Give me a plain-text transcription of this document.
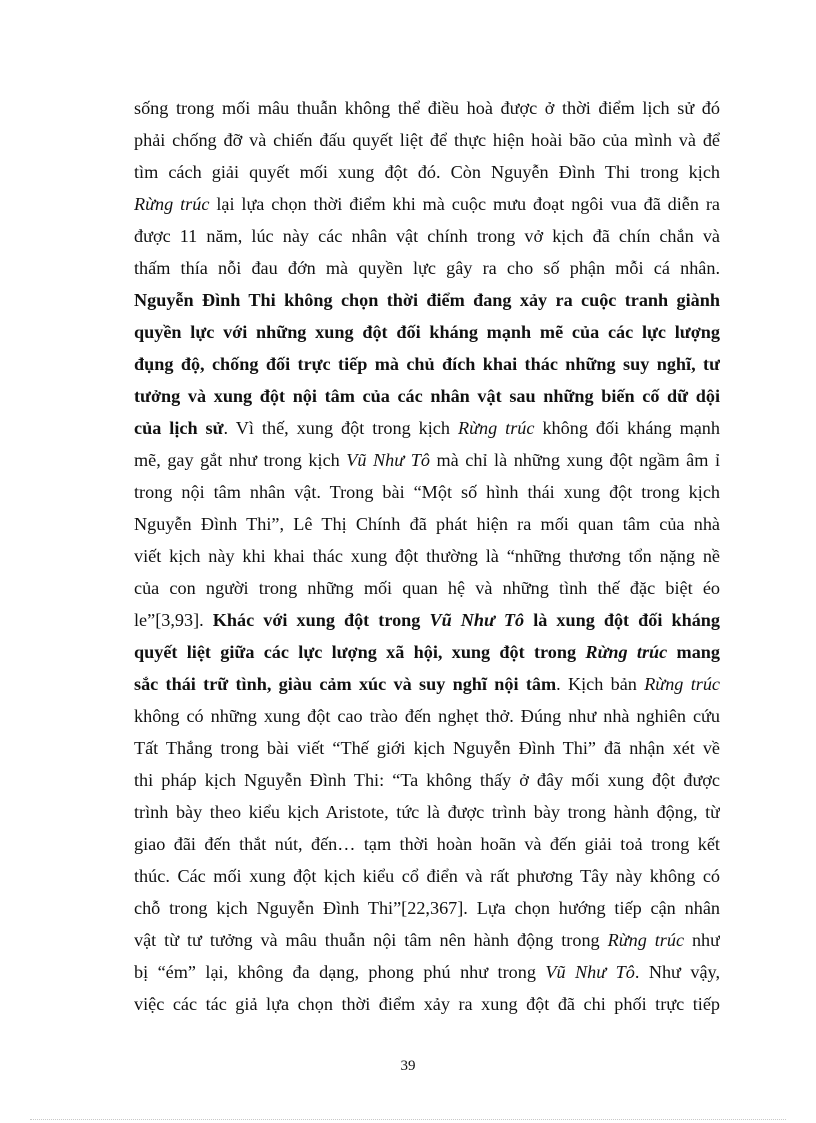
sống trong mối mâu thuẫn không thể điều hoà được ở thời điểm lịch sử đó
phải chống đỡ và chiến đấu quyết liệt để thực hiện hoài bão của mình và để
tìm cách giải quyết mối xung đột đó. Còn Nguyễn Đình Thi trong kịch
Rừng trúc lại lựa chọn thời điểm khi mà cuộc mưu đoạt ngôi vua đã diễn ra
được 11 năm, lúc này các nhân vật chính trong vở kịch đã chín chắn và
thấm thía nỗi đau đớn mà quyền lực gây ra cho số phận mỗi cá nhân.
Nguyễn Đình Thi không chọn thời điểm đang xảy ra cuộc tranh giành
quyền lực với những xung đột đối kháng mạnh mẽ của các lực lượng
đụng độ, chống đối trực tiếp mà chủ đích khai thác những suy nghĩ, tư
tưởng và xung đột nội tâm của các nhân vật sau những biến cố dữ dội
của lịch sử. Vì thế, xung đột trong kịch Rừng trúc không đối kháng mạnh
mẽ, gay gắt như trong kịch Vũ Như Tô mà chỉ là những xung đột ngầm âm ỉ
trong nội tâm nhân vật. Trong bài “Một số hình thái xung đột trong kịch
Nguyễn Đình Thi”, Lê Thị Chính đã phát hiện ra mối quan tâm của nhà
viết kịch này khi khai thác xung đột thường là “những thương tổn nặng nề
của con người trong những mối quan hệ và những tình thế đặc biệt éo
le”[3,93]. Khác với xung đột trong Vũ Như Tô là xung đột đối kháng
quyết liệt giữa các lực lượng xã hội, xung đột trong Rừng trúc mang
sắc thái trữ tình, giàu cảm xúc và suy nghĩ nội tâm. Kịch bản Rừng trúc
không có những xung đột cao trào đến nghẹt thở. Đúng như nhà nghiên cứu
Tất Thắng trong bài viết “Thế giới kịch Nguyễn Đình Thi” đã nhận xét về
thi pháp kịch Nguyễn Đình Thi: “Ta không thấy ở đây mối xung đột được
trình bày theo kiểu kịch Aristote, tức là được trình bày trong hành động, từ
giao đãi đến thắt nút, đến… tạm thời hoàn hoãn và đến giải toả trong kết
thúc. Các mối xung đột kịch kiểu cổ điển và rất phương Tây này không có
chỗ trong kịch Nguyễn Đình Thi”[22,367]. Lựa chọn hướng tiếp cận nhân
vật từ tư tưởng và mâu thuẫn nội tâm nên hành động trong Rừng trúc như
bị “ém” lại, không đa dạng, phong phú như trong Vũ Như Tô. Như vậy,
việc các tác giả lựa chọn thời điểm xảy ra xung đột đã chi phối trực tiếp
39
